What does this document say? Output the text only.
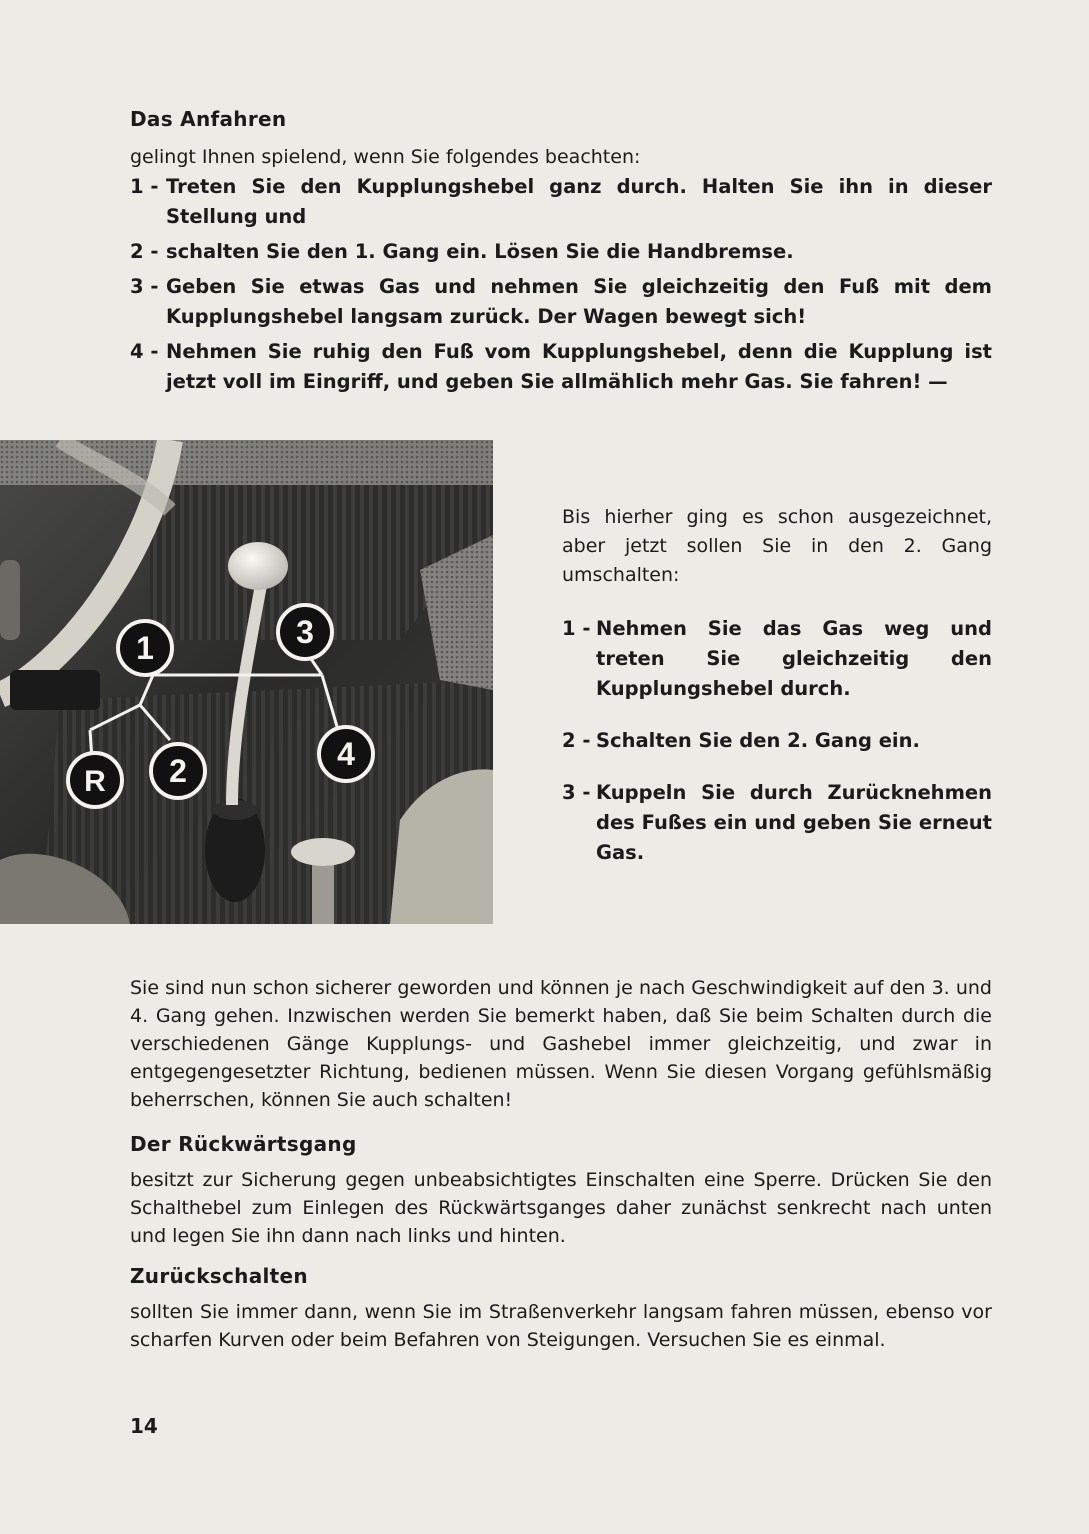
Das Anfahren

gelingt Ihnen spielend, wenn Sie folgendes beachten:

1 - Treten Sie den Kupplungshebel ganz durch. Halten Sie ihn in dieser Stellung und
2 - schalten Sie den 1. Gang ein. Lösen Sie die Handbremse.
3 - Geben Sie etwas Gas und nehmen Sie gleichzeitig den Fuß mit dem Kupplungshebel langsam zurück. Der Wagen bewegt sich!
4 - Nehmen Sie ruhig den Fuß vom Kupplungshebel, denn die Kupplung ist jetzt voll im Eingriff, und geben Sie allmählich mehr Gas. Sie fahren! —
1
2
3
4
R

Bis hierher ging es schon ausgezeichnet, aber jetzt sollen Sie in den 2. Gang umschalten:

1 - Nehmen Sie das Gas weg und treten Sie gleichzeitig den Kupplungshebel durch.
2 - Schalten Sie den 2. Gang ein.
3 - Kuppeln Sie durch Zurücknehmen des Fußes ein und geben Sie erneut Gas.

Sie sind nun schon sicherer geworden und können je nach Geschwindigkeit auf den 3. und 4. Gang gehen. Inzwischen werden Sie bemerkt haben, daß Sie beim Schalten durch die verschiedenen Gänge Kupplungs- und Gashebel immer gleichzeitig, und zwar in entgegengesetzter Richtung, bedienen müssen. Wenn Sie diesen Vorgang gefühlsmäßig beherrschen, können Sie auch schalten!

Der Rückwärtsgang

besitzt zur Sicherung gegen unbeabsichtigtes Einschalten eine Sperre. Drücken Sie den Schalthebel zum Einlegen des Rückwärtsganges daher zunächst senkrecht nach unten und legen Sie ihn dann nach links und hinten.

Zurückschalten

sollten Sie immer dann, wenn Sie im Straßenverkehr langsam fahren müssen, ebenso vor scharfen Kurven oder beim Befahren von Steigungen. Versuchen Sie es einmal.

14
